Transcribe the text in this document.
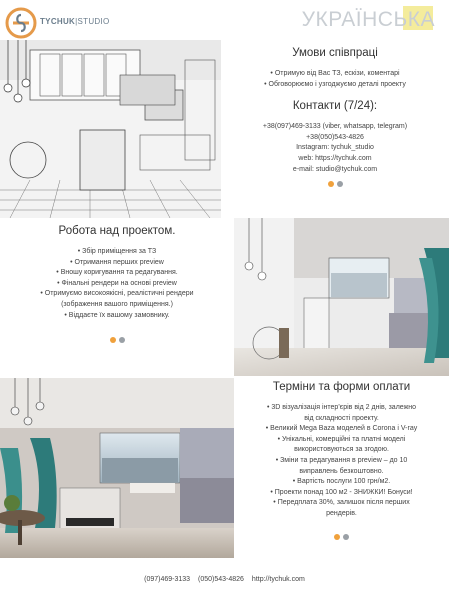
TYCHUK|STUDIO	УКРАЇНСЬКА
Умови співпраці
• Отримую від Вас ТЗ, ескізи, коментарі
• Обговорюємо і узгоджуємо деталі проекту
Контакти (7/24):
+38(097)469-3133 (viber, whatsapp, telegram)
+38(050)543-4826
Instagram: tychuk_studio
web: https://tychuk.com
e-mail: studio@tychuk.com
Робота над проектом.
• Збір приміщення за ТЗ
• Отримання перших preview
• Вношу коригування та редагування.
• Фінальні рендери на основі preview
• Отримуємо високоякісні, реалістичні рендери
(зображення вашого приміщення.)
• Віддаєте їх вашому замовнику.
Терміни та форми оплати
• 3D візуалізація інтер'єрів від 2 днів, залежно
від складності проекту.
• Великий Mega Baza моделей в Corona і V-ray
• Унікальні, комерційні та платні моделі
використовуються за згодою.
• Зміни та редагування в preview – до 10
виправлень безкоштовно.
• Вартість послуги 100 грн/м2.
• Проекти понад 100 м2 - ЗНИЖКИ! Бонуси!
• Передплата 30%, залишок після перших
рендерів.
(097)469-3133 (050)543-4826 http://tychuk.com
